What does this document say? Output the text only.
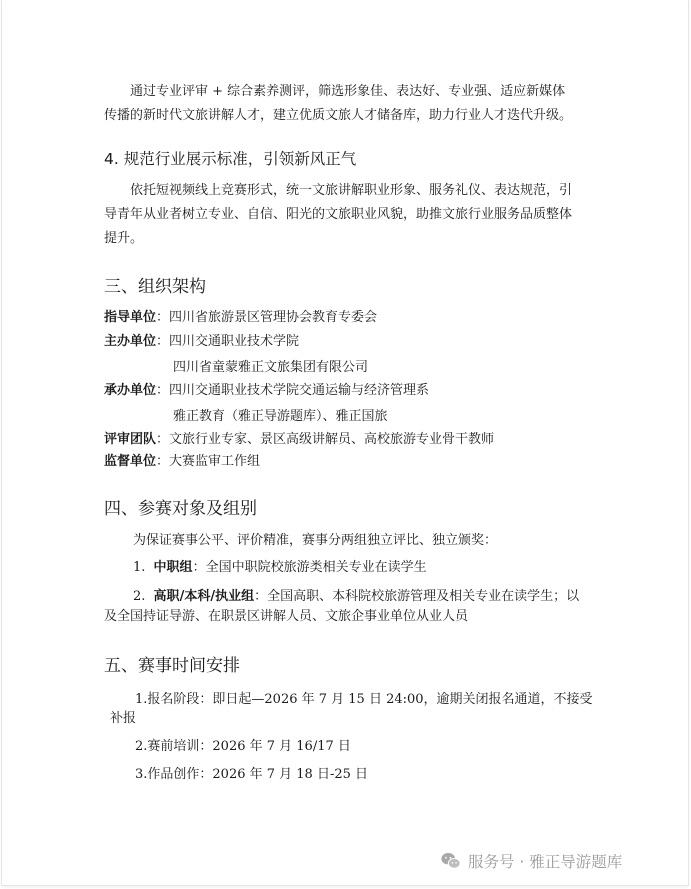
通过专业评审 + 综合素养测评，筛选形象佳、表达好、专业强、适应新媒体
传播的新时代文旅讲解人才，建立优质文旅人才储备库，助力行业人才迭代升级。
4. 规范行业展示标准，引领新风正气
依托短视频线上竞赛形式，统一文旅讲解职业形象、服务礼仪、表达规范，引
导青年从业者树立专业、自信、阳光的文旅职业风貌，助推文旅行业服务品质整体
提升。
三、组织架构
指导单位：四川省旅游景区管理协会教育专委会
主办单位：四川交通职业技术学院
四川省童蒙雅正文旅集团有限公司
承办单位：四川交通职业技术学院交通运输与经济管理系
雅正教育（雅正导游题库）、雅正国旅
评审团队：文旅行业专家、景区高级讲解员、高校旅游专业骨干教师
监督单位：大赛监审工作组
四、参赛对象及组别
为保证赛事公平、评价精准，赛事分两组独立评比、独立颁奖：
1. 中职组：全国中职院校旅游类相关专业在读学生
2. 高职/本科/执业组：全国高职、本科院校旅游管理及相关专业在读学生；以
及全国持证导游、在职景区讲解人员、文旅企事业单位从业人员
五、赛事时间安排
1.报名阶段：即日起—2026 年 7 月 15 日 24:00，逾期关闭报名通道，不接受
补报
2.赛前培训：2026 年 7 月 16/17 日
3.作品创作：2026 年 7 月 18 日-25 日
服务号 · 雅正导游题库
